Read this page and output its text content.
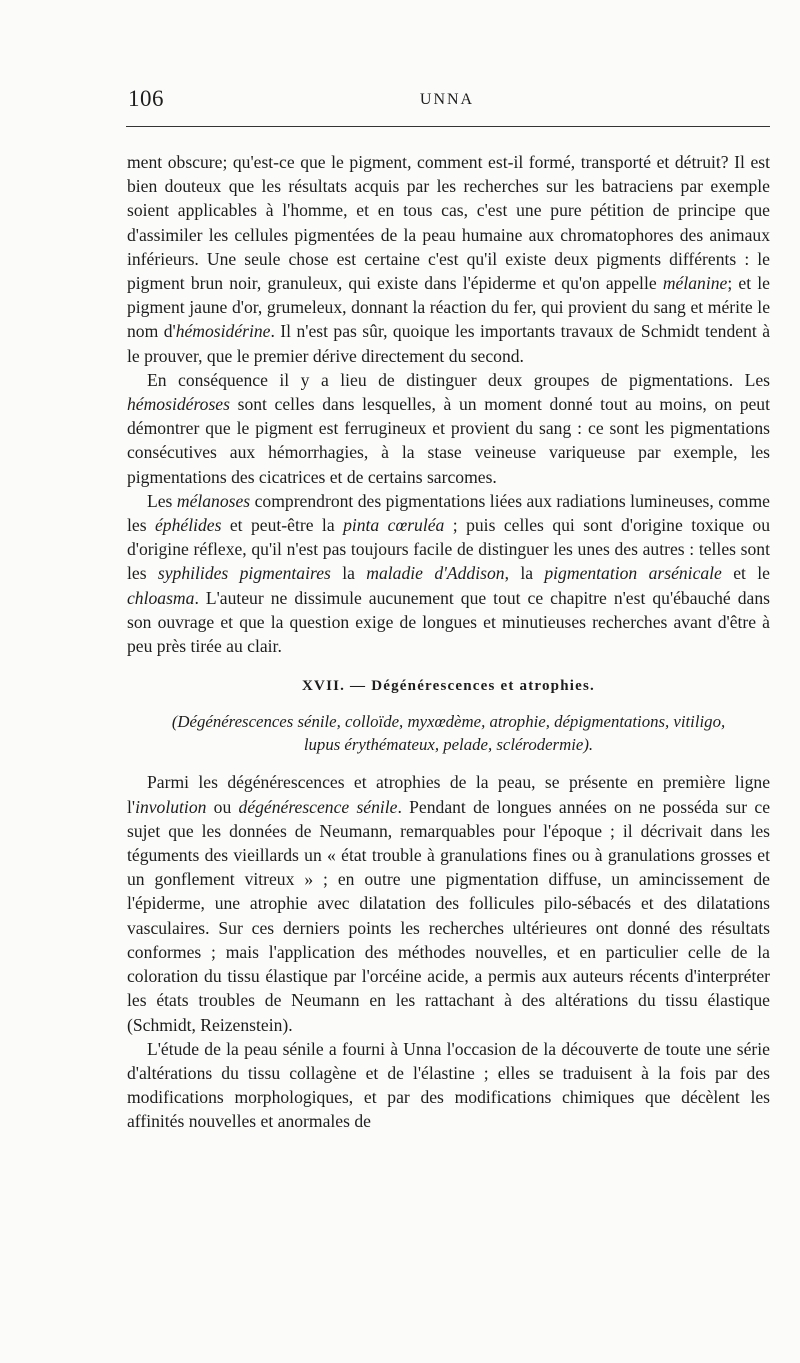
106	UNNA

ment obscure; qu'est-ce que le pigment, comment est-il formé, transporté et détruit? Il est bien douteux que les résultats acquis par les recherches sur les batraciens par exemple soient applicables à l'homme, et en tous cas, c'est une pure pétition de principe que d'assimiler les cellules pigmentées de la peau humaine aux chromatophores des animaux inférieurs. Une seule chose est certaine c'est qu'il existe deux pigments différents : le pigment brun noir, granuleux, qui existe dans l'épiderme et qu'on appelle mélanine; et le pigment jaune d'or, grumeleux, donnant la réaction du fer, qui provient du sang et mérite le nom d'hémosidérine. Il n'est pas sûr, quoique les importants travaux de Schmidt tendent à le prouver, que le premier dérive directement du second.

En conséquence il y a lieu de distinguer deux groupes de pigmentations. Les hémosidéroses sont celles dans lesquelles, à un moment donné tout au moins, on peut démontrer que le pigment est ferrugineux et provient du sang : ce sont les pigmentations consécutives aux hémorrhagies, à la stase veineuse variqueuse par exemple, les pigmentations des cicatrices et de certains sarcomes.

Les mélanoses comprendront des pigmentations liées aux radiations lumineuses, comme les éphélides et peut-être la pinta cœruléa ; puis celles qui sont d'origine toxique ou d'origine réflexe, qu'il n'est pas toujours facile de distinguer les unes des autres : telles sont les syphilides pigmentaires la maladie d'Addison, la pigmentation arsénicale et le chloasma. L'auteur ne dissimule aucunement que tout ce chapitre n'est qu'ébauché dans son ouvrage et que la question exige de longues et minutieuses recherches avant d'être à peu près tirée au clair.

XVII. — Dégénérescences et atrophies.
(Dégénérescences sénile, colloïde, myxœdème, atrophie, dépigmentations, vitiligo,
lupus érythémateux, pelade, sclérodermie).

Parmi les dégénérescences et atrophies de la peau, se présente en première ligne l'involution ou dégénérescence sénile. Pendant de longues années on ne posséda sur ce sujet que les données de Neumann, remarquables pour l'époque ; il décrivait dans les téguments des vieillards un « état trouble à granulations fines ou à granulations grosses et un gonflement vitreux » ; en outre une pigmentation diffuse, un amincissement de l'épiderme, une atrophie avec dilatation des follicules pilo-sébacés et des dilatations vasculaires. Sur ces derniers points les recherches ultérieures ont donné des résultats conformes ; mais l'application des méthodes nouvelles, et en particulier celle de la coloration du tissu élastique par l'orcéine acide, a permis aux auteurs récents d'interpréter les états troubles de Neumann en les rattachant à des altérations du tissu élastique (Schmidt, Reizenstein).

L'étude de la peau sénile a fourni à Unna l'occasion de la découverte de toute une série d'altérations du tissu collagène et de l'élastine ; elles se traduisent à la fois par des modifications morphologiques, et par des modifications chimiques que décèlent les affinités nouvelles et anormales de
